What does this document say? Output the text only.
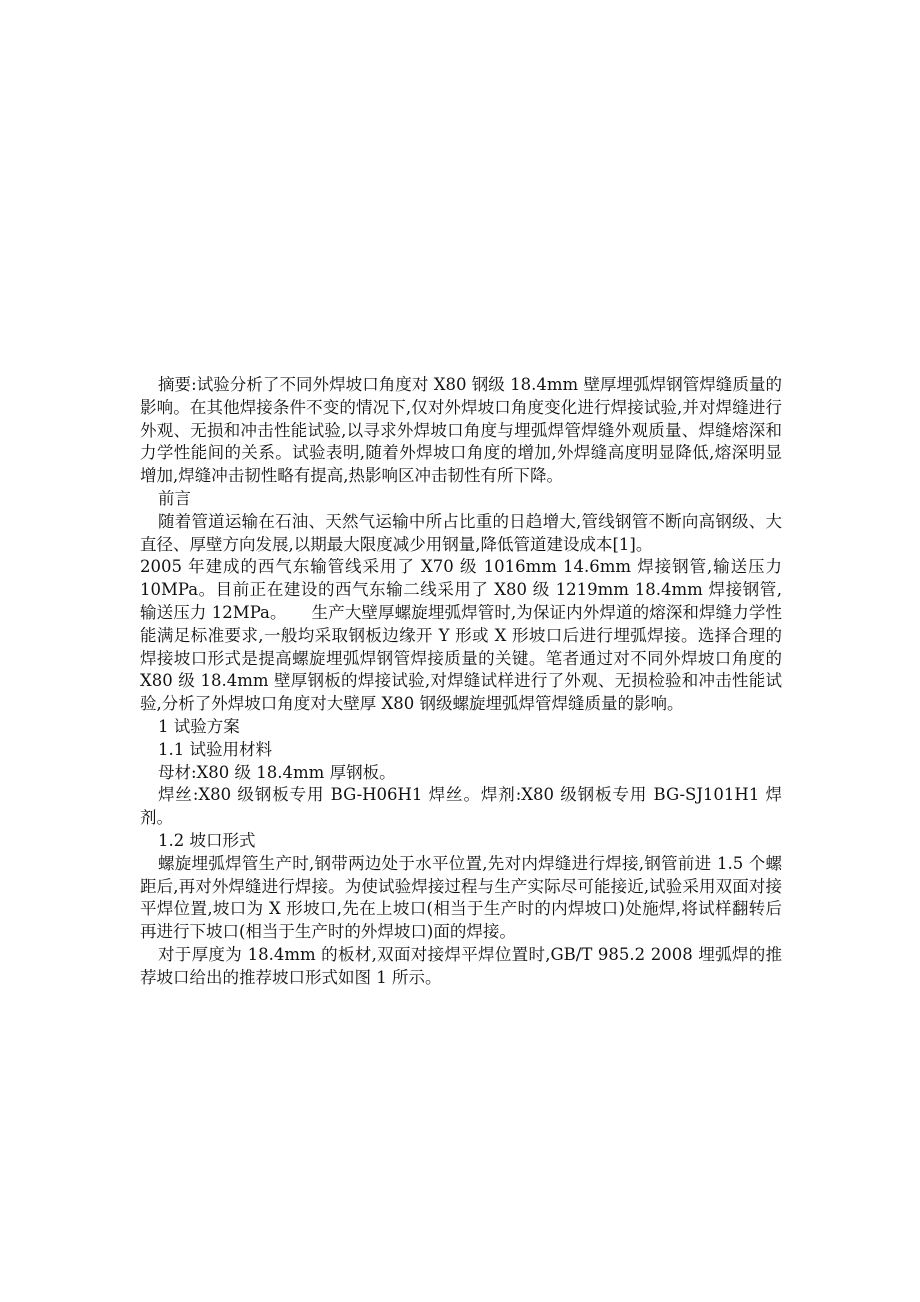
摘要:试验分析了不同外焊坡口角度对 X80 钢级 18.4mm 壁厚埋弧焊钢管焊缝质量的影响。在其他焊接条件不变的情况下,仅对外焊坡口角度变化进行焊接试验,并对焊缝进行外观、无损和冲击性能试验,以寻求外焊坡口角度与埋弧焊管焊缝外观质量、焊缝熔深和力学性能间的关系。试验表明,随着外焊坡口角度的增加,外焊缝高度明显降低,熔深明显增加,焊缝冲击韧性略有提高,热影响区冲击韧性有所下降。

前言

随着管道运输在石油、天然气运输中所占比重的日趋增大,管线钢管不断向高钢级、大直径、厚壁方向发展,以期最大限度减少用钢量,降低管道建设成本[1]。

2005 年建成的西气东输管线采用了 X70 级 1016mm 14.6mm 焊接钢管,输送压力 10MPa。目前正在建设的西气东输二线采用了 X80 级 1219mm 18.4mm 焊接钢管,输送压力 12MPa。　　生产大壁厚螺旋埋弧焊管时,为保证内外焊道的熔深和焊缝力学性能满足标准要求,一般均采取钢板边缘开 Y 形或 X 形坡口后进行埋弧焊接。选择合理的焊接坡口形式是提高螺旋埋弧焊钢管焊接质量的关键。笔者通过对不同外焊坡口角度的 X80 级 18.4mm 壁厚钢板的焊接试验,对焊缝试样进行了外观、无损检验和冲击性能试验,分析了外焊坡口角度对大壁厚 X80 钢级螺旋埋弧焊管焊缝质量的影响。

1 试验方案

1.1 试验用材料

母材:X80 级 18.4mm 厚钢板。

焊丝:X80 级钢板专用 BG-H06H1 焊丝。焊剂:X80 级钢板专用 BG-SJ101H1 焊剂。

1.2 坡口形式

螺旋埋弧焊管生产时,钢带两边处于水平位置,先对内焊缝进行焊接,钢管前进 1.5 个螺距后,再对外焊缝进行焊接。为使试验焊接过程与生产实际尽可能接近,试验采用双面对接平焊位置,坡口为 X 形坡口,先在上坡口(相当于生产时的内焊坡口)处施焊,将试样翻转后再进行下坡口(相当于生产时的外焊坡口)面的焊接。

对于厚度为 18.4mm 的板材,双面对接焊平焊位置时,GB/T 985.2 2008 埋弧焊的推荐坡口给出的推荐坡口形式如图 1 所示。
